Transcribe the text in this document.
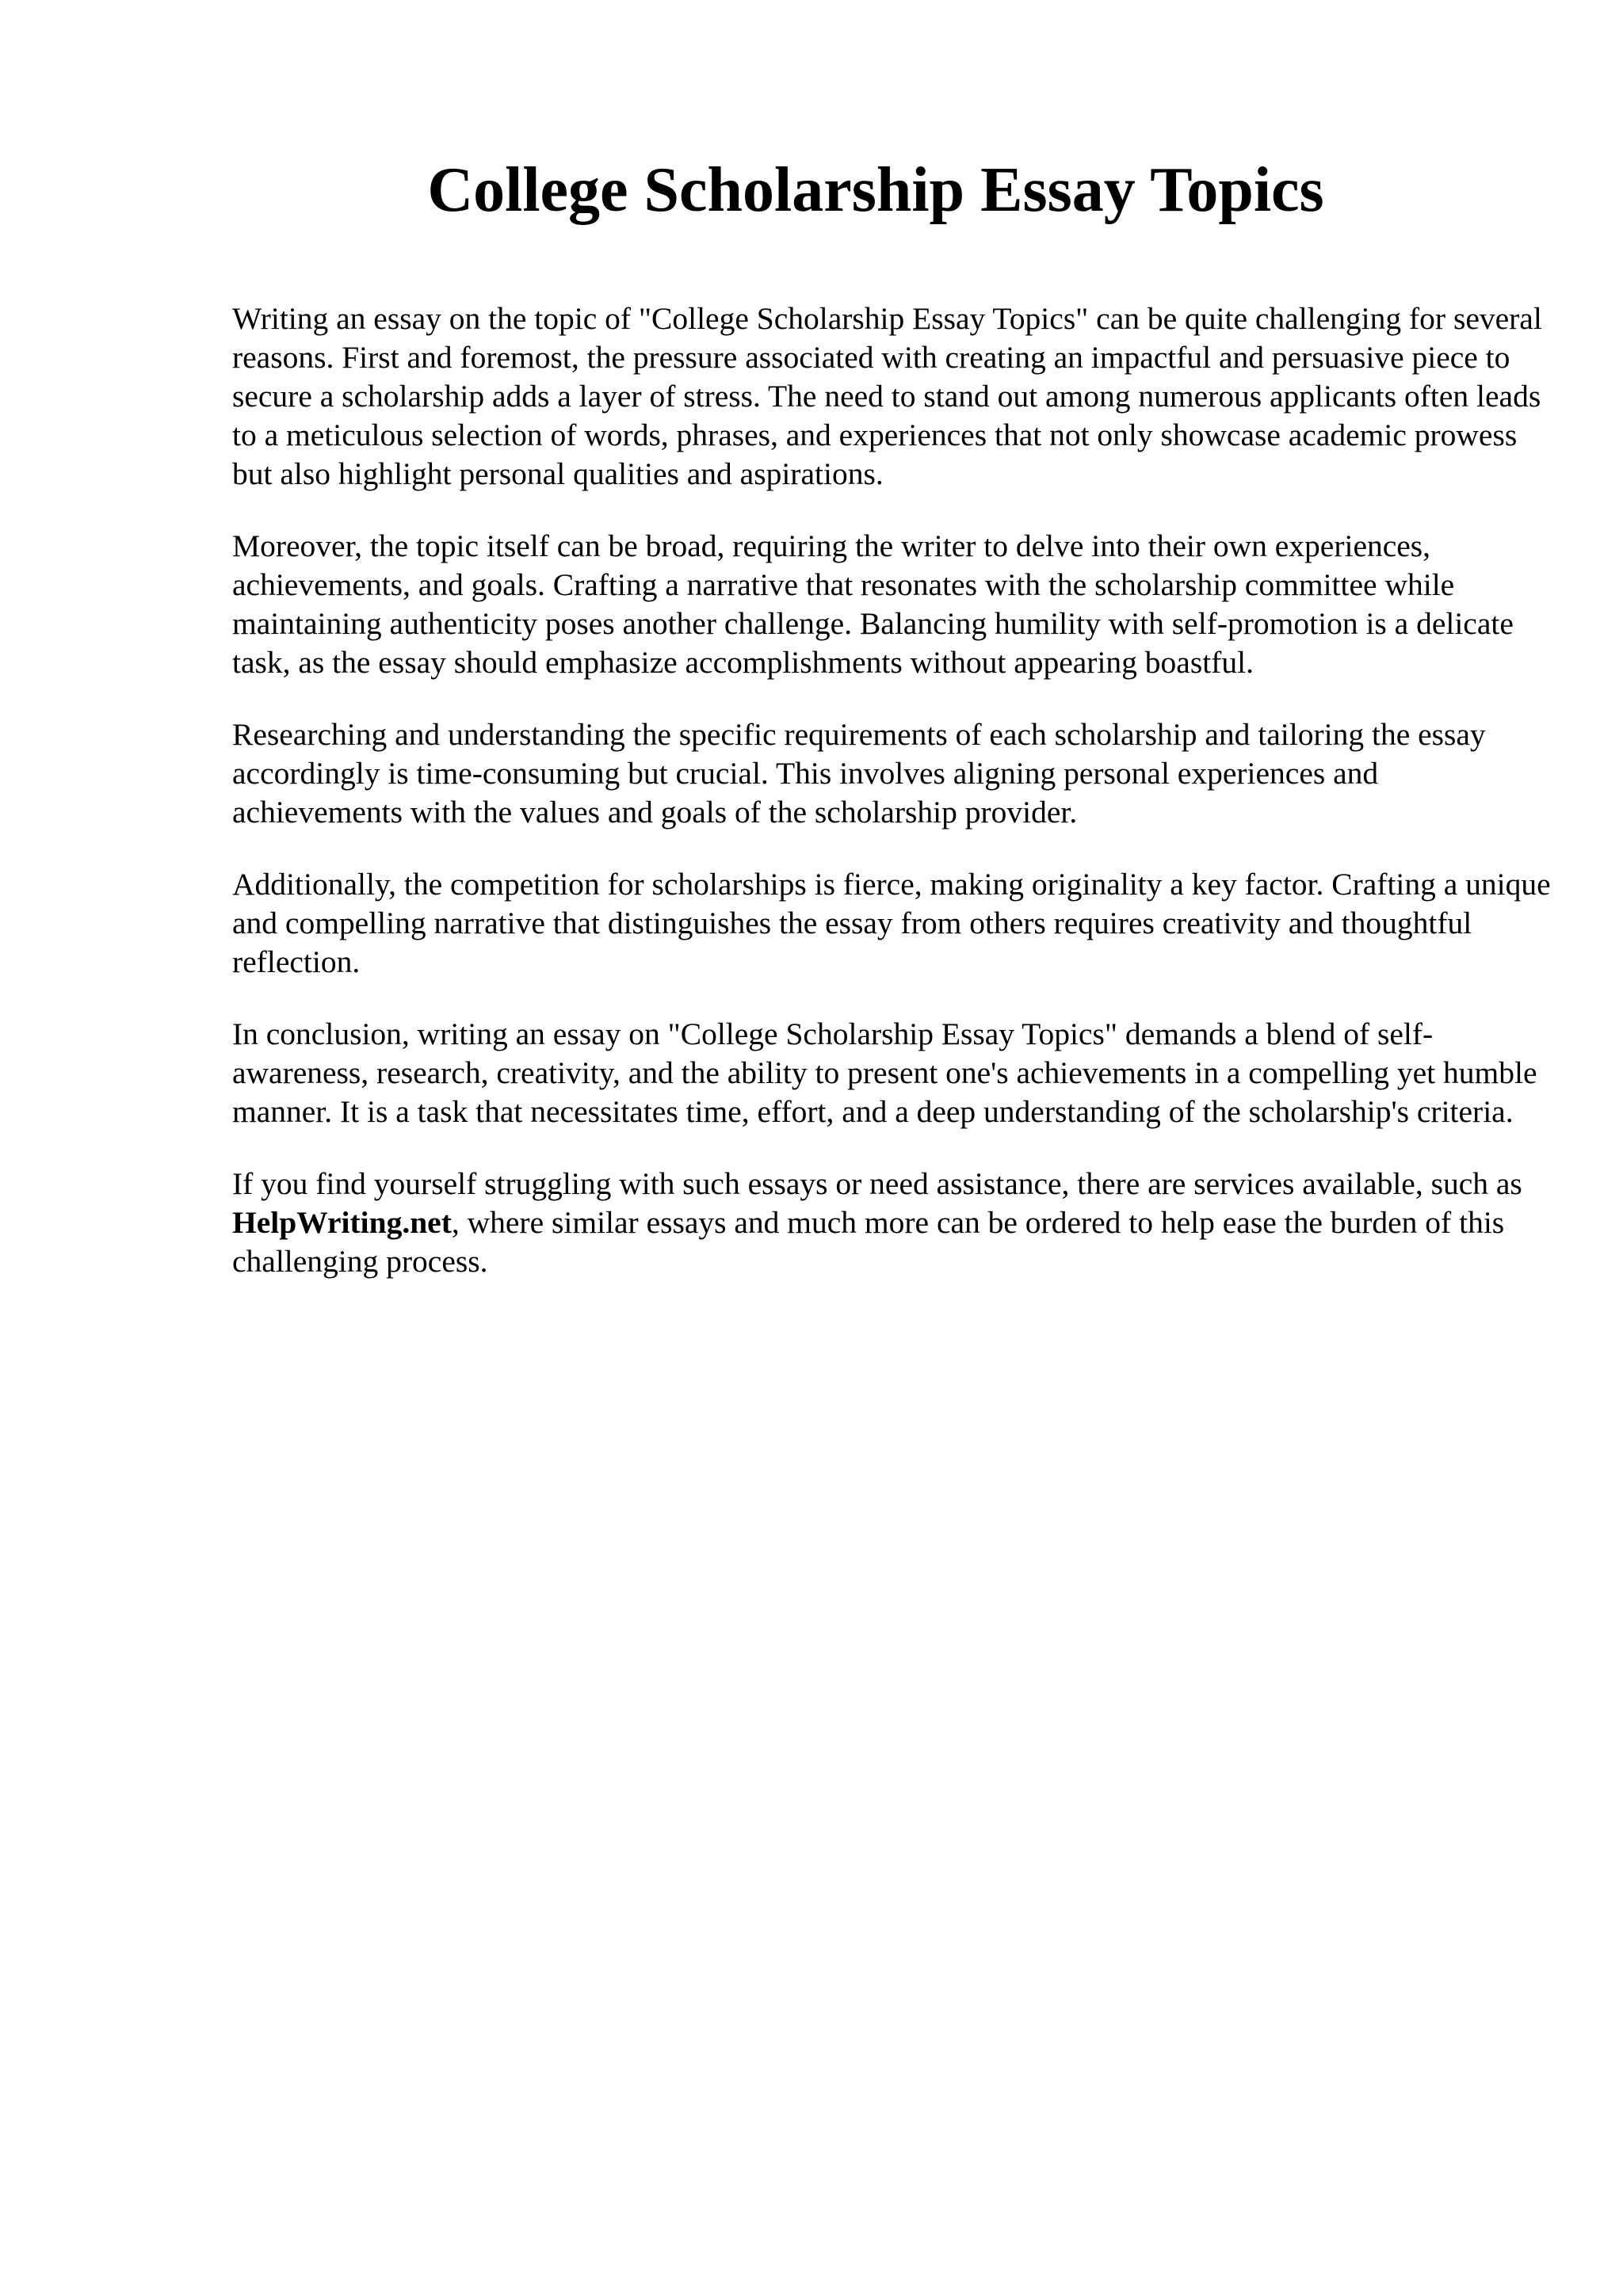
College Scholarship Essay Topics

Writing an essay on the topic of "College Scholarship Essay Topics" can be quite challenging for several reasons. First and foremost, the pressure associated with creating an impactful and persuasive piece to secure a scholarship adds a layer of stress. The need to stand out among numerous applicants often leads to a meticulous selection of words, phrases, and experiences that not only showcase academic prowess but also highlight personal qualities and aspirations.

Moreover, the topic itself can be broad, requiring the writer to delve into their own experiences, achievements, and goals. Crafting a narrative that resonates with the scholarship committee while maintaining authenticity poses another challenge. Balancing humility with self-promotion is a delicate task, as the essay should emphasize accomplishments without appearing boastful.

Researching and understanding the specific requirements of each scholarship and tailoring the essay accordingly is time-consuming but crucial. This involves aligning personal experiences and achievements with the values and goals of the scholarship provider.

Additionally, the competition for scholarships is fierce, making originality a key factor. Crafting a unique and compelling narrative that distinguishes the essay from others requires creativity and thoughtful reflection.

In conclusion, writing an essay on "College Scholarship Essay Topics" demands a blend of self-awareness, research, creativity, and the ability to present one's achievements in a compelling yet humble manner. It is a task that necessitates time, effort, and a deep understanding of the scholarship's criteria.

If you find yourself struggling with such essays or need assistance, there are services available, such as HelpWriting.net, where similar essays and much more can be ordered to help ease the burden of this challenging process.
